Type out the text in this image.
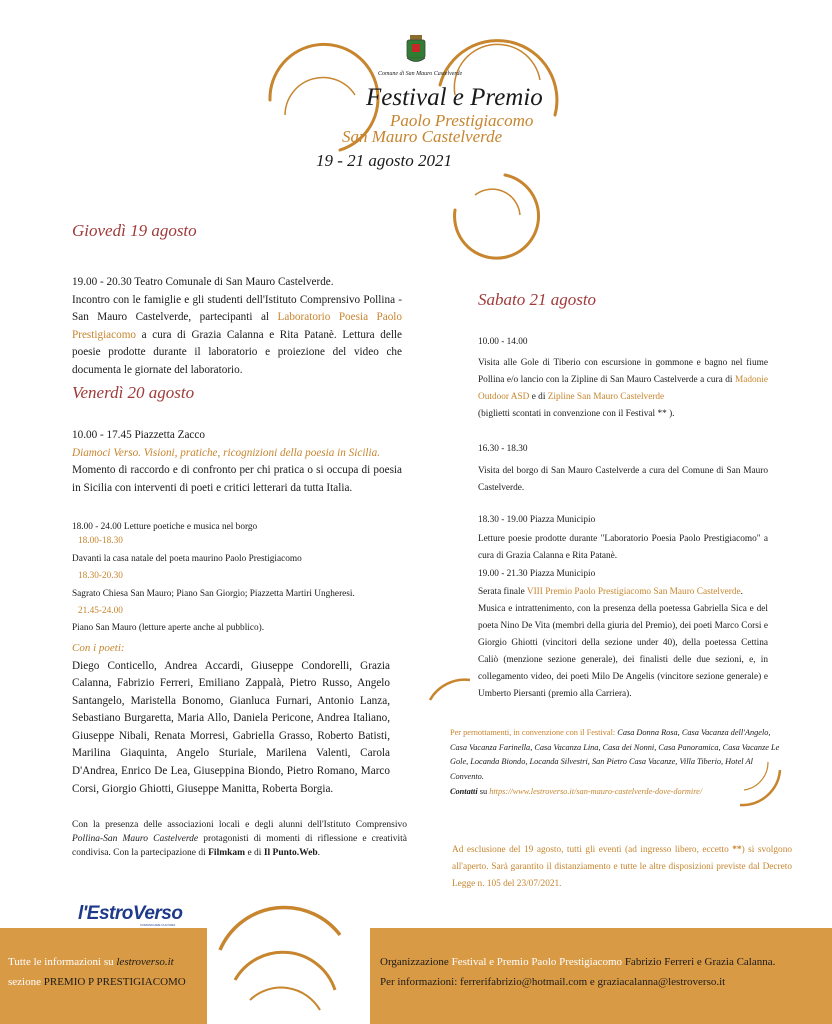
Comune di San Mauro Castelverde
Festival e Premio
Paolo Prestigiacomo
San Mauro Castelverde
19 - 21 agosto 2021
Giovedì 19 agosto

19.00 - 20.30 Teatro Comunale di San Mauro Castelverde.

Incontro con le famiglie e gli studenti dell'Istituto Comprensivo Pollina - San Mauro Castelverde, partecipanti al Laboratorio Poesia Paolo Prestigiacomo a cura di Grazia Calanna e Rita Patanè. Lettura delle poesie prodotte durante il laboratorio e proiezione del video che documenta le giornate del laboratorio.

Venerdì 20 agosto

10.00 - 17.45 Piazzetta Zacco

Diamoci Verso. Visioni, pratiche, ricognizioni della poesia in Sicilia.

Momento di raccordo e di confronto per chi pratica o si occupa di poesia in Sicilia con interventi di poeti e critici letterari da tutta Italia.

18.00 - 24.00 Letture poetiche e musica nel borgo

18.00-18.30

Davanti la casa natale del poeta maurino Paolo Prestigiacomo

18.30-20.30

Sagrato Chiesa San Mauro; Piano San Giorgio; Piazzetta Martiri Ungheresi.

21.45-24.00

Piano San Mauro (letture aperte anche al pubblico).

Con i poeti:

Diego Conticello, Andrea Accardi, Giuseppe Condorelli, Grazia Calanna, Fabrizio Ferreri, Emiliano Zappalà, Pietro Russo, Angelo Santangelo, Maristella Bonomo, Gianluca Furnari, Antonio Lanza, Sebastiano Burgaretta, Maria Allo, Daniela Pericone, Andrea Italiano, Giuseppe Nibali, Renata Morresi, Gabriella Grasso, Roberto Batisti, Marilina Giaquinta, Angelo Sturiale, Marilena Valenti, Carola D'Andrea, Enrico De Lea, Giuseppina Biondo, Pietro Romano, Marco Corsi, Giorgio Ghiotti, Giuseppe Manitta, Roberta Borgia.

Con la presenza delle associazioni locali e degli alunni dell'Istituto Comprensivo Pollina-San Mauro Castelverde protagonisti di momenti di riflessione e creatività condivisa. Con la partecipazione di Filmkam e di Il Punto.Web.

Sabato 21 agosto

10.00 - 14.00

Visita alle Gole di Tiberio con escursione in gommone e bagno nel fiume Pollina e/o lancio con la Zipline di San Mauro Castelverde a cura di Madonie Outdoor ASD e di Zipline San Mauro Castelverde

(biglietti scontati in convenzione con il Festival ** ).

16.30 - 18.30

Visita del borgo di San Mauro Castelverde a cura del Comune di San Mauro Castelverde.

18.30 - 19.00 Piazza Municipio

Letture poesie prodotte durante "Laboratorio Poesia Paolo Prestigiacomo" a cura di Grazia Calanna e Rita Patanè.

19.00 - 21.30 Piazza Municipio

Serata finale VIII Premio Paolo Prestigiacomo San Mauro Castelverde.

Musica e intrattenimento, con la presenza della poetessa Gabriella Sica e del poeta Nino De Vita (membri della giuria del Premio), dei poeti Marco Corsi e Giorgio Ghiotti (vincitori della sezione under 40), della poetessa Cettina Caliò (menzione sezione generale), dei finalisti delle due sezioni, e, in collegamento video, dei poeti Milo De Angelis (vincitore sezione generale) e Umberto Piersanti (premio alla Carriera).

Per pernottamenti, in convenzione con il Festival: Casa Donna Rosa, Casa Vacanza dell'Angelo, Casa Vacanza Farinella, Casa Vacanza Lina, Casa dei Nonni, Casa Panoramica, Casa Vacanze Le Gole, Locanda Biondo, Locanda Silvestri, San Pietro Casa Vacanze, Villa Tiberio, Hotel Al Convento.

Contatti su https://www.lestroverso.it/san-mauro-castelverde-dove-dormire/

Ad esclusione del 19 agosto, tutti gli eventi (ad ingresso libero, eccetto **) si svolgono all'aperto. Sarà garantito il distanziamento e tutte le altre disposizioni previste dal Decreto Legge n. 105 del 23/07/2021.

l'EstroVerso
COMUNICARE CULTURA
Tutte le informazioni su lestroverso.it
sezione PREMIO P PRESTIGIACOMO
Organizzazione Festival e Premio Paolo Prestigiacomo Fabrizio Ferreri e Grazia Calanna.
Per informazioni: ferrerifabrizio@hotmail.com e graziacalanna@lestroverso.it
